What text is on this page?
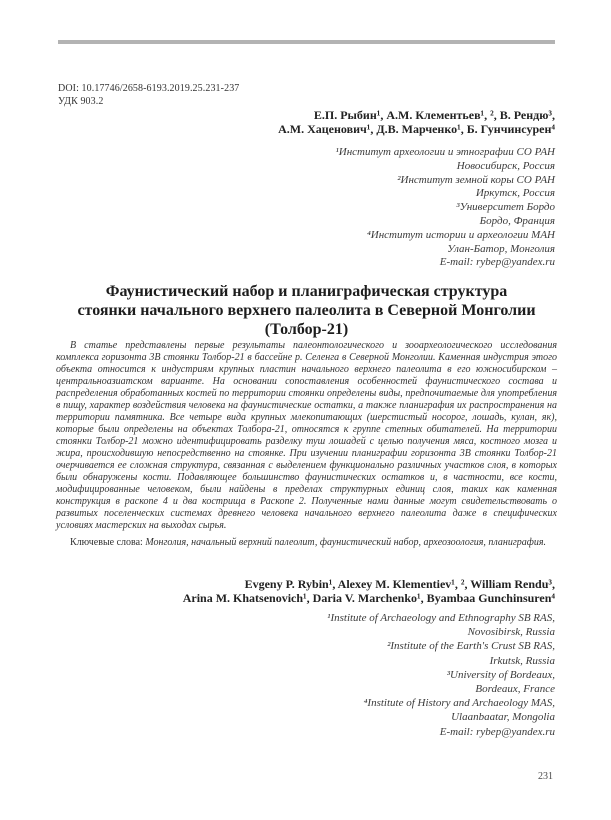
DOI: 10.17746/2658-6193.2019.25.231-237
УДК 903.2
Е.П. Рыбин¹, А.М. Клементьев¹, ², В. Рендю³,
А.М. Хаценович¹, Д.В. Марченко¹, Б. Гунчинсурен⁴
¹Институт археологии и этнографии СО РАН
Новосибирск, Россия
²Институт земной коры СО РАН
Иркутск, Россия
³Университет Бордо
Бордо, Франция
⁴Институт истории и археологии МАН
Улан-Батор, Монголия
E-mail: rybep@yandex.ru
Фаунистический набор и планиграфическая структура
стоянки начального верхнего палеолита в Северной Монголии
(Толбор-21)

В статье представлены первые результаты палеонтологического и зооархеологического исследования комплекса горизонта 3В стоянки Толбор-21 в бассейне р. Селенга в Северной Монголии. Каменная индустрия этого объекта относится к индустриям крупных пластин начального верхнего палеолита в его южносибирском – центральноазиатском варианте. На основании сопоставления особенностей фаунистического состава и распределения обработанных костей по территории стоянки определены виды, предпочитаемые для употребления в пищу, характер воздействия человека на фаунистические остатки, а также планиграфия их распространения на территории памятника. Все четыре вида крупных млекопитающих (шерстистый носорог, лошадь, кулан, як), которые были определены на объектах Толбора-21, относятся к группе степных обитателей. На территории стоянки Толбор-21 можно идентифицировать разделку туш лошадей с целью получения мяса, костного мозга и жира, происходившую непосредственно на стоянке. При изучении планиграфии горизонта 3В стоянки Толбор-21 очерчивается ее сложная структура, связанная с выделением функционально различных участков слоя, в которых были обнаружены кости. Подавляющее большинство фаунистических остатков и, в частности, все кости, модифицированные человеком, были найдены в пределах структурных единиц слоя, таких как каменная конструкция в раскопе 4 и два кострища в Раскопе 2. Полученные нами данные могут свидетельствовать о развитых поселенческих системах древнего человека начального верхнего палеолита даже в специфических условиях мастерских на выходах сырья.

Ключевые слова: Монголия, начальный верхний палеолит, фаунистический набор, археозоология, планиграфия.

Evgeny P. Rybin¹, Alexey M. Klementiev¹, ², William Rendu³,
Arina M. Khatsenovich¹, Daria V. Marchenko¹, Byambaa Gunchinsuren⁴
¹Institute of Archaeology and Ethnography SB RAS,
Novosibirsk, Russia
²Institute of the Earth's Crust SB RAS,
Irkutsk, Russia
³University of Bordeaux,
Bordeaux, France
⁴Institute of History and Archaeology MAS,
Ulaanbaatar, Mongolia
E-mail: rybep@yandex.ru
231
